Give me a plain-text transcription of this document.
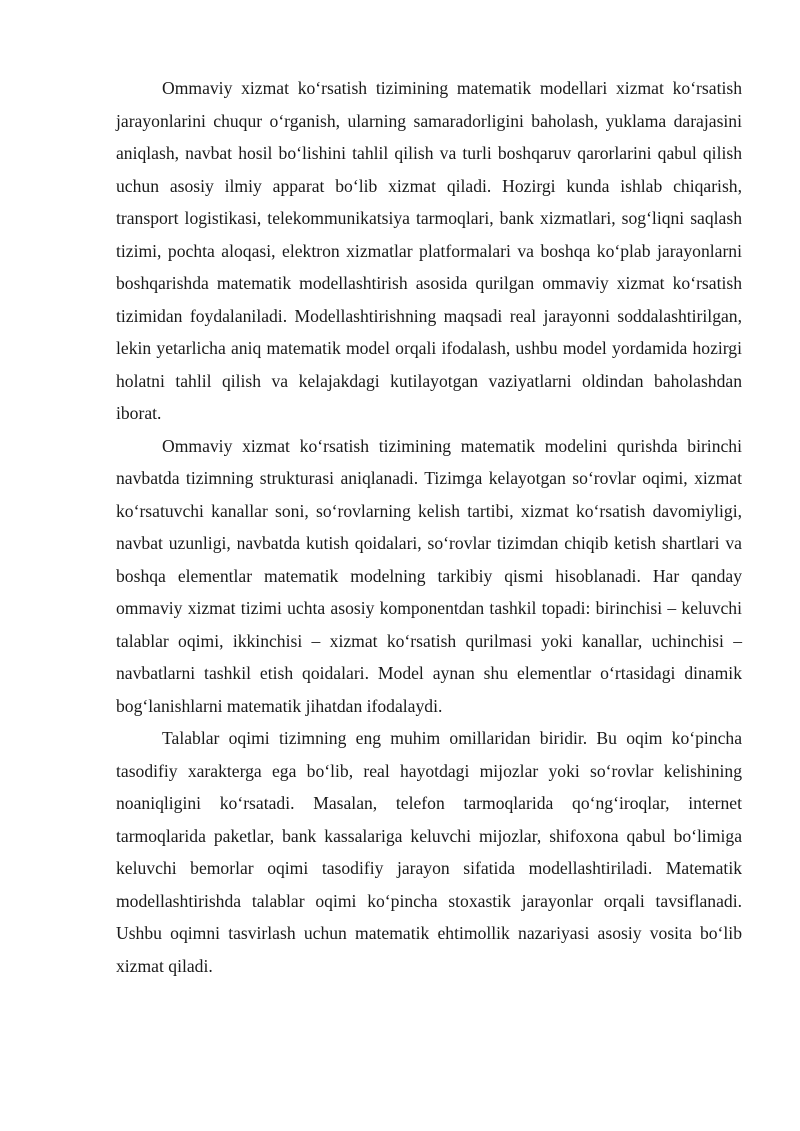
Ommaviy xizmat ko‘rsatish tizimining matematik modellari xizmat ko‘rsatish jarayonlarini chuqur o‘rganish, ularning samaradorligini baholash, yuklama darajasini aniqlash, navbat hosil bo‘lishini tahlil qilish va turli boshqaruv qarorlarini qabul qilish uchun asosiy ilmiy apparat bo‘lib xizmat qiladi. Hozirgi kunda ishlab chiqarish, transport logistikasi, telekommunikatsiya tarmoqlari, bank xizmatlari, sog‘liqni saqlash tizimi, pochta aloqasi, elektron xizmatlar platformalari va boshqa ko‘plab jarayonlarni boshqarishda matematik modellashtirish asosida qurilgan ommaviy xizmat ko‘rsatish tizimidan foydalaniladi. Modellashtirishning maqsadi real jarayonni soddalashtirilgan, lekin yetarlicha aniq matematik model orqali ifodalash, ushbu model yordamida hozirgi holatni tahlil qilish va kelajakdagi kutilayotgan vaziyatlarni oldindan baholashdan iborat.

Ommaviy xizmat ko‘rsatish tizimining matematik modelini qurishda birinchi navbatda tizimning strukturasi aniqlanadi. Tizimga kelayotgan so‘rovlar oqimi, xizmat ko‘rsatuvchi kanallar soni, so‘rovlarning kelish tartibi, xizmat ko‘rsatish davomiyligi, navbat uzunligi, navbatda kutish qoidalari, so‘rovlar tizimdan chiqib ketish shartlari va boshqa elementlar matematik modelning tarkibiy qismi hisoblanadi. Har qanday ommaviy xizmat tizimi uchta asosiy komponentdan tashkil topadi: birinchisi – keluvchi talablar oqimi, ikkinchisi – xizmat ko‘rsatish qurilmasi yoki kanallar, uchinchisi – navbatlarni tashkil etish qoidalari. Model aynan shu elementlar o‘rtasidagi dinamik bog‘lanishlarni matematik jihatdan ifodalaydi.

Talablar oqimi tizimning eng muhim omillaridan biridir. Bu oqim ko‘pincha tasodifiy xarakterga ega bo‘lib, real hayotdagi mijozlar yoki so‘rovlar kelishining noaniqligini ko‘rsatadi. Masalan, telefon tarmoqlarida qo‘ng‘iroqlar, internet tarmoqlarida paketlar, bank kassalariga keluvchi mijozlar, shifoxona qabul bo‘limiga keluvchi bemorlar oqimi tasodifiy jarayon sifatida modellashtiriladi. Matematik modellashtirishda talablar oqimi ko‘pincha stoxastik jarayonlar orqali tavsiflanadi. Ushbu oqimni tasvirlash uchun matematik ehtimollik nazariyasi asosiy vosita bo‘lib xizmat qiladi.
